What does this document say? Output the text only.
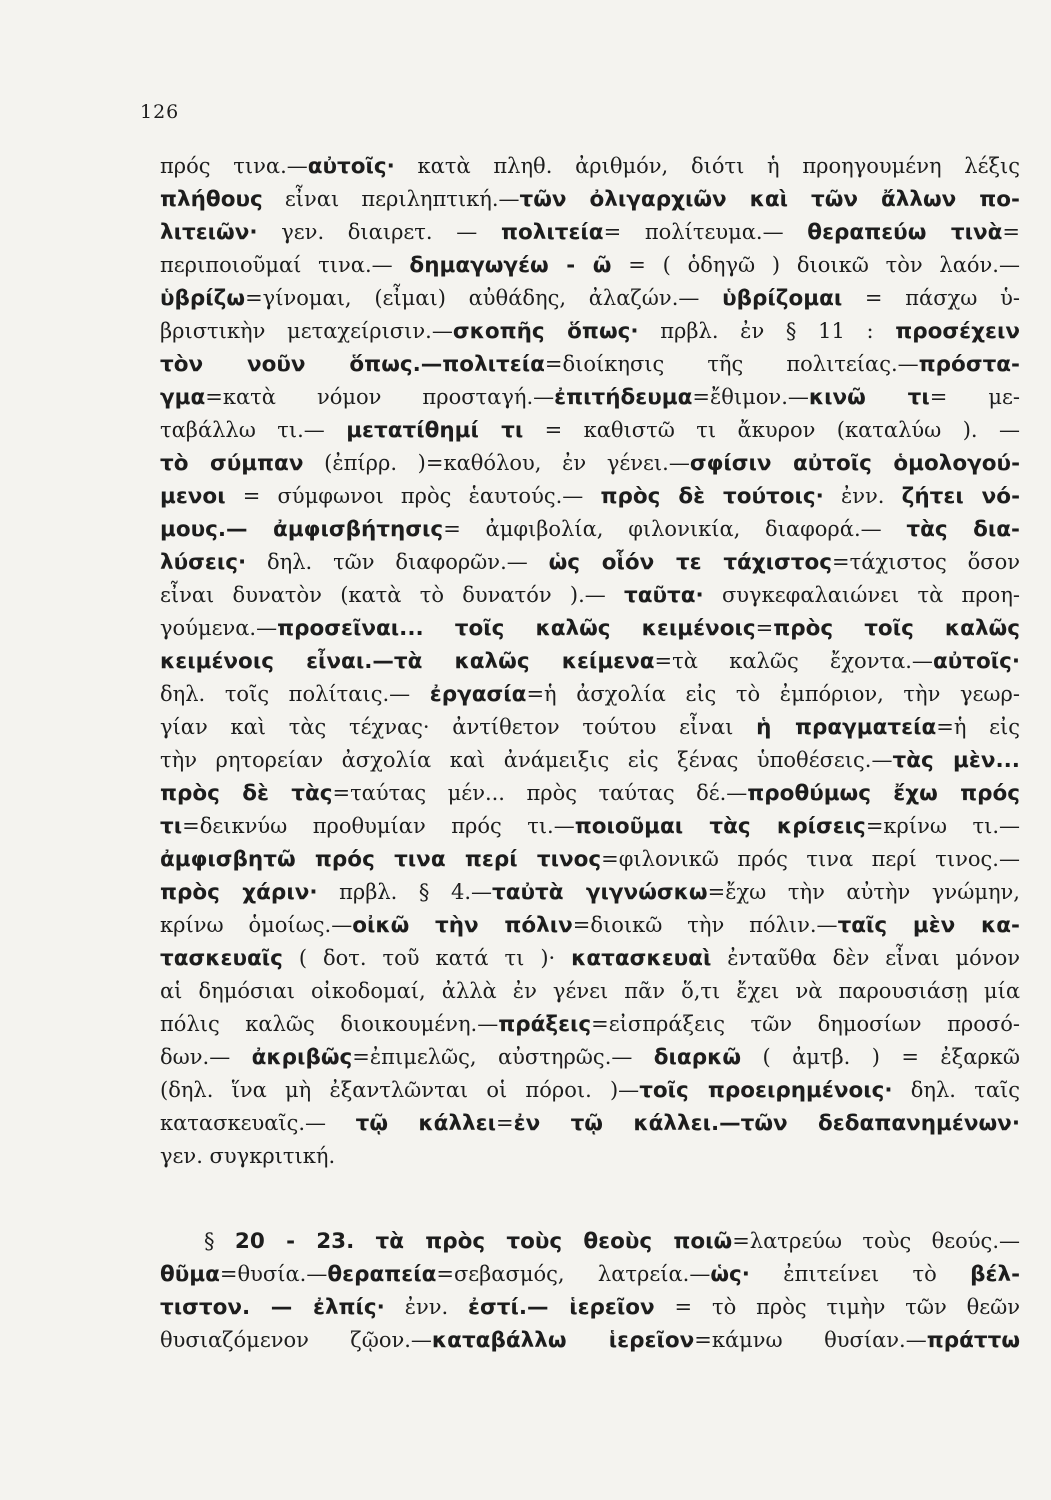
126
πρός τινα.—αὐτοῖς· κατὰ πληθ. ἀριθμόν, διότι ἡ προηγουμένη λέξις
πλήθους εἶναι περιληπτική.—τῶν ὀλιγαρχιῶν καὶ τῶν ἄλλων πο-
λιτειῶν· γεν. διαιρετ. — πολιτεία= πολίτευμα.— θεραπεύω τινὰ=
περιποιοῦμαί τινα.— δημαγωγέω - ῶ = ( ὁδηγῶ ) διοικῶ τὸν λαόν.—
ὑβρίζω=γίνομαι, (εἶμαι) αὐθάδης, ἀλαζών.— ὑβρίζομαι = πάσχω ὑ-
βριστικὴν μεταχείρισιν.—σκοπῆς ὅπως· πρβλ. ἐν § 11 : προσέχειν
τὸν νοῦν ὅπως.—πολιτεία=διοίκησις τῆς πολιτείας.—πρόστα-
γμα=κατὰ νόμον προσταγή.—ἐπιτήδευμα=ἔθιμον.—κινῶ τι= με-
ταβάλλω τι.— μετατίθημί τι = καθιστῶ τι ἄκυρον (καταλύω ). —
τὸ σύμπαν (ἐπίρρ. )=καθόλου, ἐν γένει.—σφίσιν αὐτοῖς ὁμολογού-
μενοι = σύμφωνοι πρὸς ἑαυτούς.— πρὸς δὲ τούτοις· ἐνν. ζήτει νό-
μους.— ἀμφισβήτησις= ἀμφιβολία, φιλονικία, διαφορά.— τὰς δια-
λύσεις· δηλ. τῶν διαφορῶν.— ὡς οἷόν τε τάχιστος=τάχιστος ὅσον
εἶναι δυνατὸν (κατὰ τὸ δυνατόν ).— ταῦτα· συγκεφαλαιώνει τὰ προη-
γούμενα.—προσεῖναι... τοῖς καλῶς κειμένοις=πρὸς τοῖς καλῶς
κειμένοις εἶναι.—τὰ καλῶς κείμενα=τὰ καλῶς ἔχοντα.—αὐτοῖς·
δηλ. τοῖς πολίταις.— ἐργασία=ἡ ἀσχολία εἰς τὸ ἐμπόριον, τὴν γεωρ-
γίαν καὶ τὰς τέχνας· ἀντίθετον τούτου εἶναι ἡ πραγματεία=ἡ εἰς
τὴν ρητορείαν ἀσχολία καὶ ἀνάμειξις εἰς ξένας ὑποθέσεις.—τὰς μὲν...
πρὸς δὲ τὰς=ταύτας μέν... πρὸς ταύτας δέ.—προθύμως ἔχω πρός
τι=δεικνύω προθυμίαν πρός τι.—ποιοῦμαι τὰς κρίσεις=κρίνω τι.—
ἀμφισβητῶ πρός τινα περί τινος=φιλονικῶ πρός τινα περί τινος.—
πρὸς χάριν· πρβλ. § 4.—ταὐτὰ γιγνώσκω=ἔχω τὴν αὐτὴν γνώμην,
κρίνω ὁμοίως.—οἰκῶ τὴν πόλιν=διοικῶ τὴν πόλιν.—ταῖς μὲν κα-
τασκευαῖς ( δοτ. τοῦ κατά τι )· κατασκευαὶ ἐνταῦθα δὲν εἶναι μόνον
αἱ δημόσιαι οἰκοδομαί, ἀλλὰ ἐν γένει πᾶν ὅ,τι ἔχει νὰ παρουσιάσῃ μία
πόλις καλῶς διοικουμένη.—πράξεις=εἰσπράξεις τῶν δημοσίων προσό-
δων.— ἀκριβῶς=ἐπιμελῶς, αὐστηρῶς.— διαρκῶ ( ἀμτβ. ) = ἐξαρκῶ
(δηλ. ἵνα μὴ ἐξαντλῶνται οἱ πόροι. )—τοῖς προειρημένοις· δηλ. ταῖς
κατασκευαῖς.— τῷ κάλλει=ἐν τῷ κάλλει.—τῶν δεδαπανημένων·
γεν. συγκριτική.
§ 20 - 23. τὰ πρὸς τοὺς θεοὺς ποιῶ=λατρεύω τοὺς θεούς.—
θῦμα=θυσία.—θεραπεία=σεβασμός, λατρεία.—ὡς· ἐπιτείνει τὸ βέλ-
τιστον. — ἐλπίς· ἐνν. ἐστί.— ἱερεῖον = τὸ πρὸς τιμὴν τῶν θεῶν
θυσιαζόμενον ζῷον.—καταβάλλω ἱερεῖον=κάμνω θυσίαν.—πράττω
